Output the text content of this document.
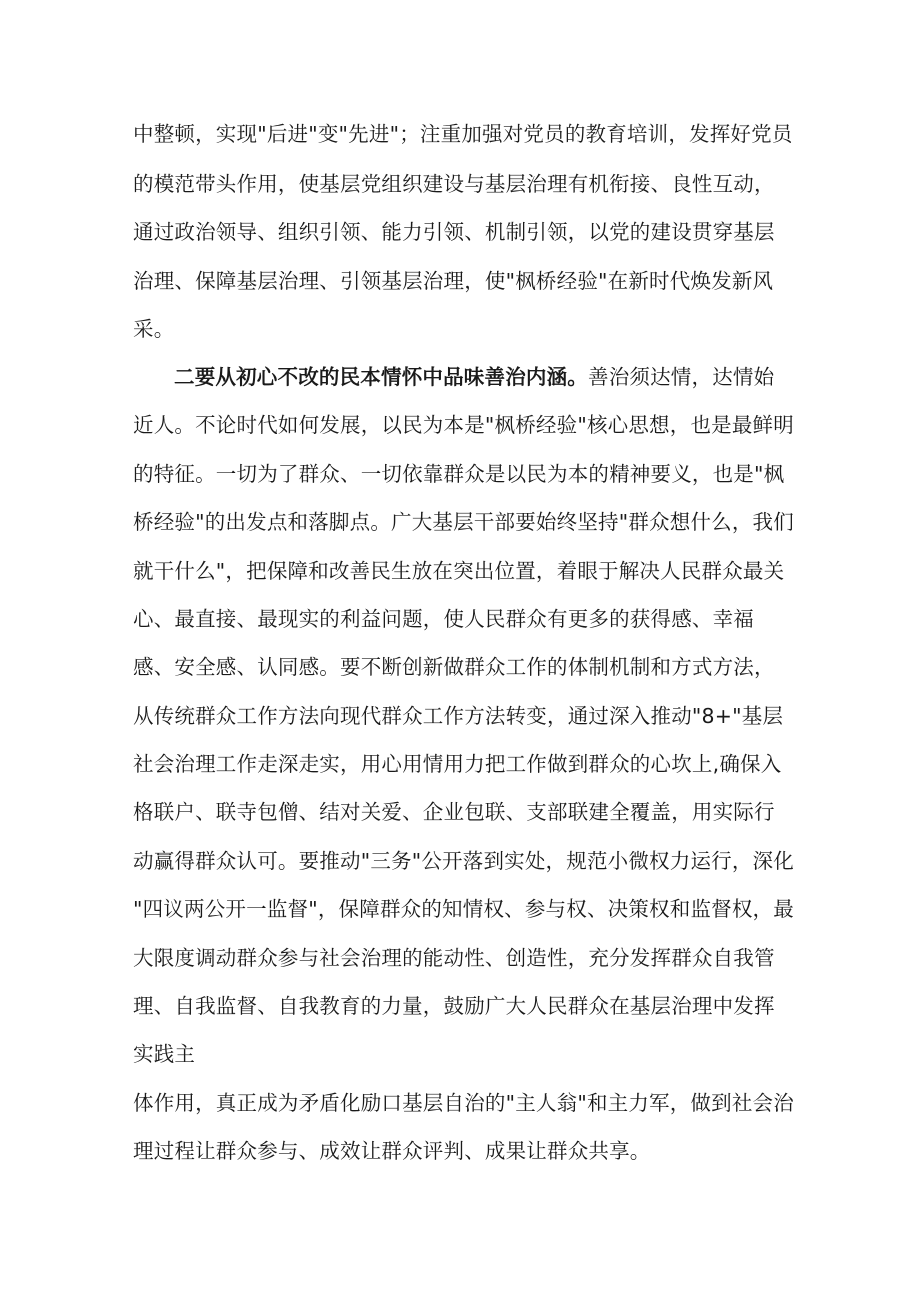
中整顿，实现"后进"变"先进"；注重加强对党员的教育培训，发挥好党员
的模范带头作用，使基层党组织建设与基层治理有机衔接、良性互动，
通过政治领导、组织引领、能力引领、机制引领，以党的建设贯穿基层
治理、保障基层治理、引领基层治理，使"枫桥经验"在新时代焕发新风
采。
二要从初心不改的民本情怀中品味善治内涵。善治须达情，达情始
近人。不论时代如何发展，以民为本是"枫桥经验"核心思想，也是最鲜明
的特征。一切为了群众、一切依靠群众是以民为本的精神要义，也是"枫
桥经验"的出发点和落脚点。广大基层干部要始终坚持"群众想什么，我们
就干什么"，把保障和改善民生放在突出位置，着眼于解决人民群众最关
心、最直接、最现实的利益问题，使人民群众有更多的获得感、幸福
感、安全感、认同感。要不断创新做群众工作的体制机制和方式方法，
从传统群众工作方法向现代群众工作方法转变，通过深入推动"8+"基层
社会治理工作走深走实，用心用情用力把工作做到群众的心坎上,确保入
格联户、联寺包僧、结对关爱、企业包联、支部联建全覆盖，用实际行
动赢得群众认可。要推动"三务"公开落到实处，规范小微权力运行，深化
"四议两公开一监督"，保障群众的知情权、参与权、决策权和监督权，最
大限度调动群众参与社会治理的能动性、创造性，充分发挥群众自我管
理、自我监督、自我教育的力量，鼓励广大人民群众在基层治理中发挥
实践主
体作用，真正成为矛盾化励口基层自治的"主人翁"和主力军，做到社会治
理过程让群众参与、成效让群众评判、成果让群众共享。
